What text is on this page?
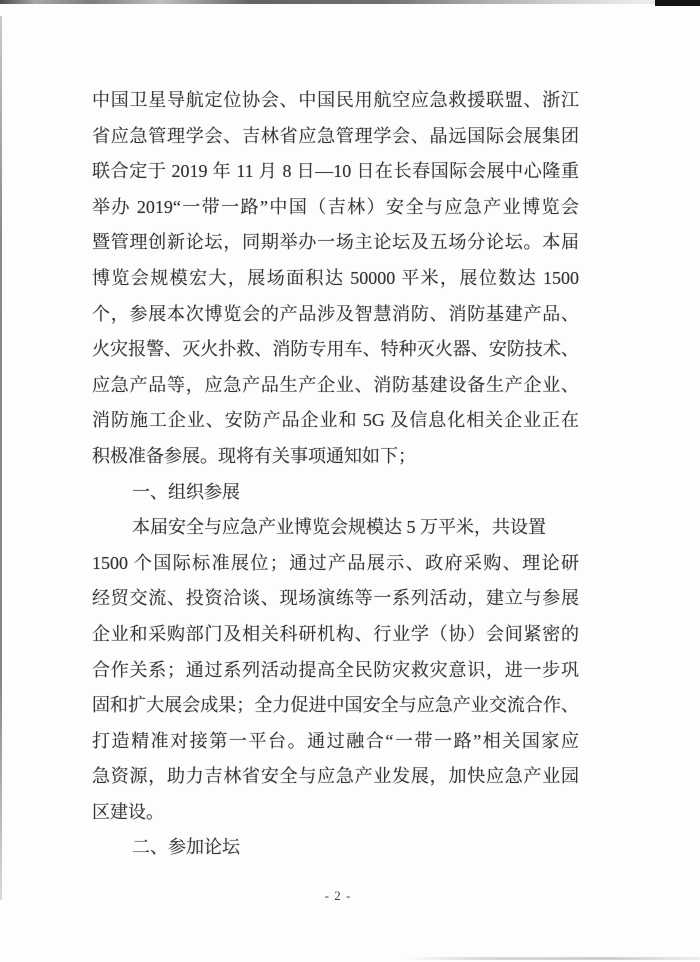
中国卫星导航定位协会、中国民用航空应急救援联盟、浙江
省应急管理学会、吉林省应急管理学会、晶远国际会展集团
联合定于 2019 年 11 月 8 日—10 日在长春国际会展中心隆重
举办 2019“一带一路”中国（吉林）安全与应急产业博览会
暨管理创新论坛，同期举办一场主论坛及五场分论坛。本届
博览会规模宏大，展场面积达 50000 平米，展位数达 1500
个，参展本次博览会的产品涉及智慧消防、消防基建产品、
火灾报警、灭火扑救、消防专用车、特种灭火器、安防技术、
应急产品等，应急产品生产企业、消防基建设备生产企业、
消防施工企业、安防产品企业和 5G 及信息化相关企业正在
积极准备参展。现将有关事项通知如下；
一、组织参展
本届安全与应急产业博览会规模达 5 万平米，共设置
1500 个国际标准展位；通过产品展示、政府采购、理论研
经贸交流、投资洽谈、现场演练等一系列活动，建立与参展
企业和采购部门及相关科研机构、行业学（协）会间紧密的
合作关系；通过系列活动提高全民防灾救灾意识，进一步巩
固和扩大展会成果；全力促进中国安全与应急产业交流合作、
打造精准对接第一平台。通过融合“一带一路”相关国家应
急资源，助力吉林省安全与应急产业发展，加快应急产业园
区建设。
二、参加论坛
- 2 -
